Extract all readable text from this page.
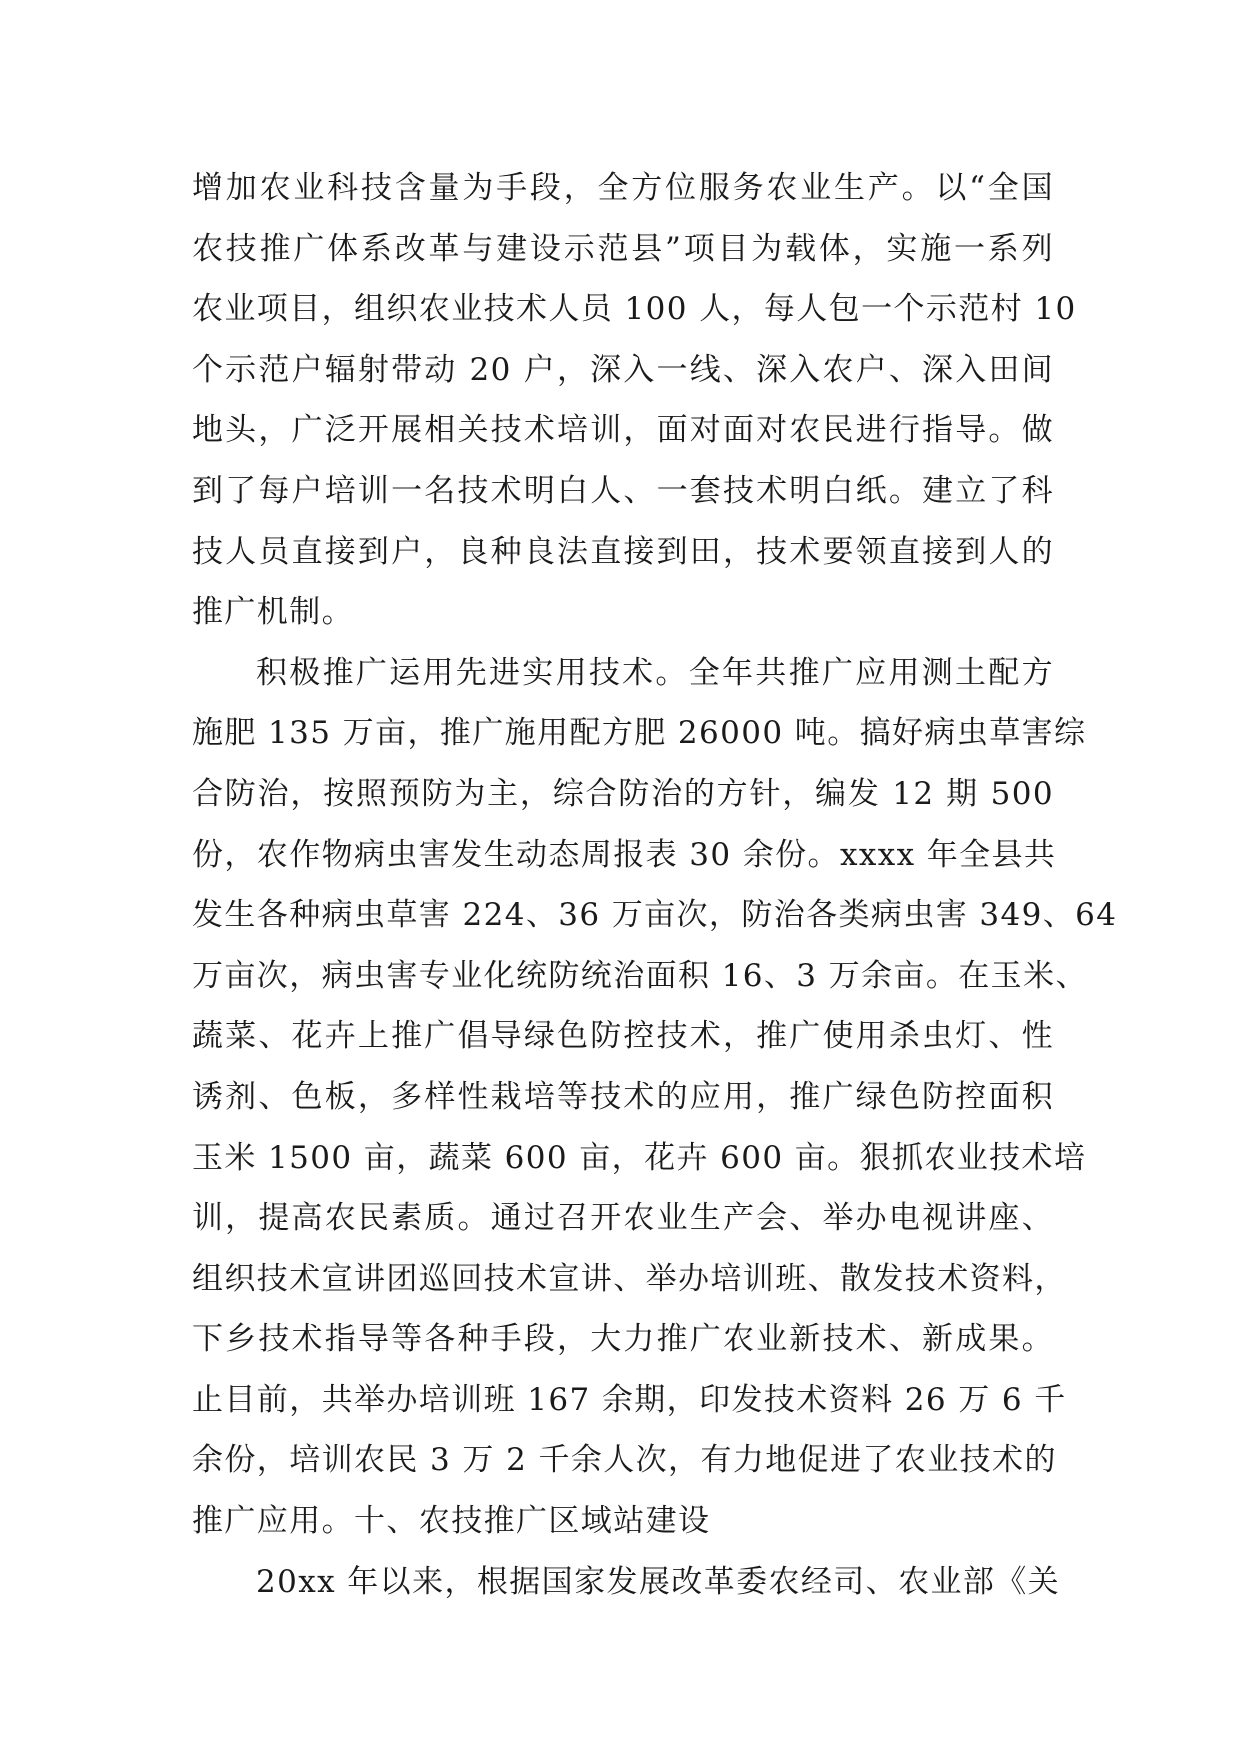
增加农业科技含量为手段，全方位服务农业生产。以“全国
农技推广体系改革与建设示范县”项目为载体，实施一系列
农业项目，组织农业技术人员 100 人，每人包一个示范村 10
个示范户辐射带动 20 户，深入一线、深入农户、深入田间
地头，广泛开展相关技术培训，面对面对农民进行指导。做
到了每户培训一名技术明白人、一套技术明白纸。建立了科
技人员直接到户，良种良法直接到田，技术要领直接到人的
推广机制。
积极推广运用先进实用技术。全年共推广应用测土配方
施肥 135 万亩，推广施用配方肥 26000 吨。搞好病虫草害综
合防治，按照预防为主，综合防治的方针，编发 12 期 500
份，农作物病虫害发生动态周报表 30 余份。xxxx 年全县共
发生各种病虫草害 224、36 万亩次，防治各类病虫害 349、64
万亩次，病虫害专业化统防统治面积 16、3 万余亩。在玉米、
蔬菜、花卉上推广倡导绿色防控技术，推广使用杀虫灯、性
诱剂、色板，多样性栽培等技术的应用，推广绿色防控面积
玉米 1500 亩，蔬菜 600 亩，花卉 600 亩。狠抓农业技术培
训，提高农民素质。通过召开农业生产会、举办电视讲座、
组织技术宣讲团巡回技术宣讲、举办培训班、散发技术资料，
下乡技术指导等各种手段，大力推广农业新技术、新成果。
止目前，共举办培训班 167 余期，印发技术资料 26 万 6 千
余份，培训农民 3 万 2 千余人次，有力地促进了农业技术的
推广应用。十、农技推广区域站建设
20xx 年以来，根据国家发展改革委农经司、农业部《关
